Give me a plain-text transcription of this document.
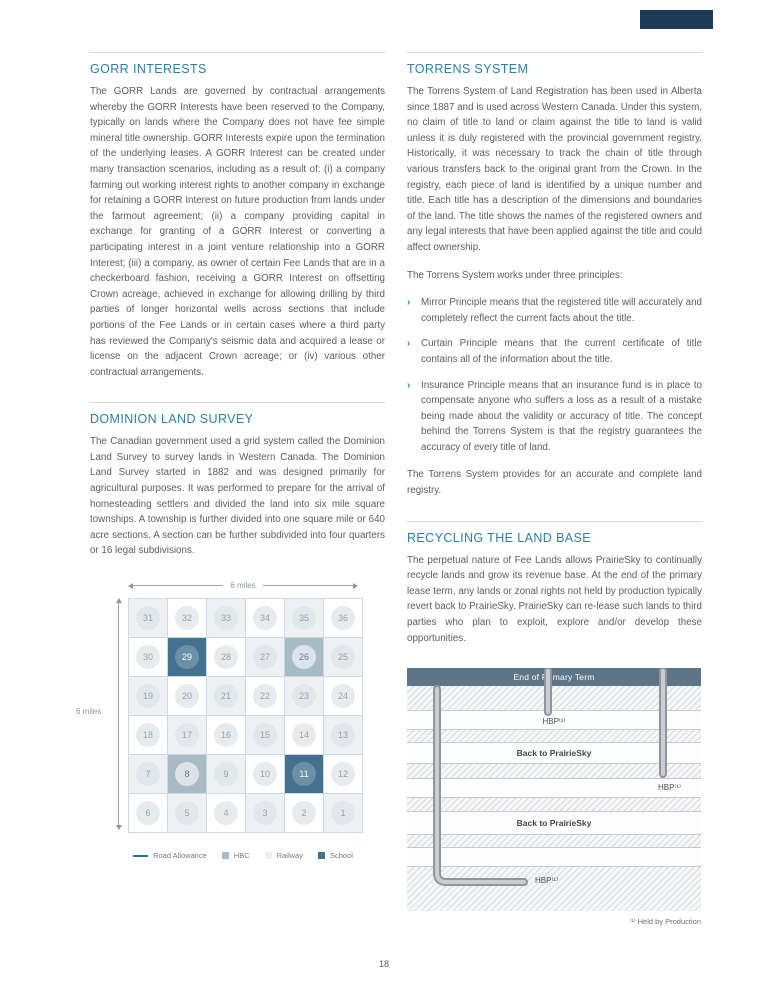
GORR INTERESTS

The GORR Lands are governed by contractual arrangements whereby the GORR Interests have been reserved to the Company, typically on lands where the Company does not have fee simple mineral title ownership. GORR Interests expire upon the termination of the underlying leases. A GORR Interest can be created under many transaction scenarios, including as a result of: (i) a company farming out working interest rights to another company in exchange for retaining a GORR Interest on future production from lands under the farmout agreement; (ii) a company providing capital in exchange for granting of a GORR Interest or converting a participating interest in a joint venture relationship into a GORR Interest; (iii) a company, as owner of certain Fee Lands that are in a checkerboard fashion, receiving a GORR Interest on offsetting Crown acreage, achieved in exchange for allowing drilling by third parties of longer horizontal wells across sections that include portions of the Fee Lands or in certain cases where a third party has reviewed the Company's seismic data and acquired a lease or license on the adjacent Crown acreage; or (iv) various other contractual arrangements.

DOMINION LAND SURVEY

The Canadian government used a grid system called the Dominion Land Survey to survey lands in Western Canada. The Dominion Land Survey started in 1882 and was designed primarily for agricultural purposes. It was performed to prepare for the arrival of homesteading settlers and divided the land into six mile square townships. A township is further divided into one square mile or 640 acre sections. A section can be further subdivided into four quarters or 16 legal subdivisions.

6 miles
6 miles
31	32	33	34	35	36
30	29	28	27	26	25
19	20	21	22	23	24
18	17	16	15	14	13
7	8	9	10	11	12
6	5	4	3	2	1
Road Allowance	HBC	Railway	School
TORRENS SYSTEM

The Torrens System of Land Registration has been used in Alberta since 1887 and is used across Western Canada. Under this system, no claim of title to land or claim against the title to land is valid unless it is duly registered with the provincial government registry. Historically, it was necessary to track the chain of title through various transfers back to the original grant from the Crown. In the registry, each piece of land is identified by a unique number and title. Each title has a description of the dimensions and boundaries of the land. The title shows the names of the registered owners and any legal interests that have been applied against the title and could affect ownership.

The Torrens System works under three principles:

› Mirror Principle means that the registered title will accurately and completely reflect the current facts about the title.
› Curtain Principle means that the current certificate of title contains all of the information about the title.
› Insurance Principle means that an insurance fund is in place to compensate anyone who suffers a loss as a result of a mistake being made about the validity or accuracy of title. The concept behind the Torrens System is that the registry guarantees the accuracy of every title of land.

The Torrens System provides for an accurate and complete land registry.

RECYCLING THE LAND BASE

The perpetual nature of Fee Lands allows PrairieSky to continually recycle lands and grow its revenue base. At the end of the primary lease term, any lands or zonal rights not held by production typically revert back to PrairieSky. PrairieSky can re-lease such lands to third parties who plan to exploit, explore and/or develop these opportunities.

End of Primary Term
HBP⁽¹⁾
Back to PrairieSky
HBP⁽¹⁾
Back to PrairieSky
HBP⁽¹⁾
⁽¹⁾ Held by Production
18
